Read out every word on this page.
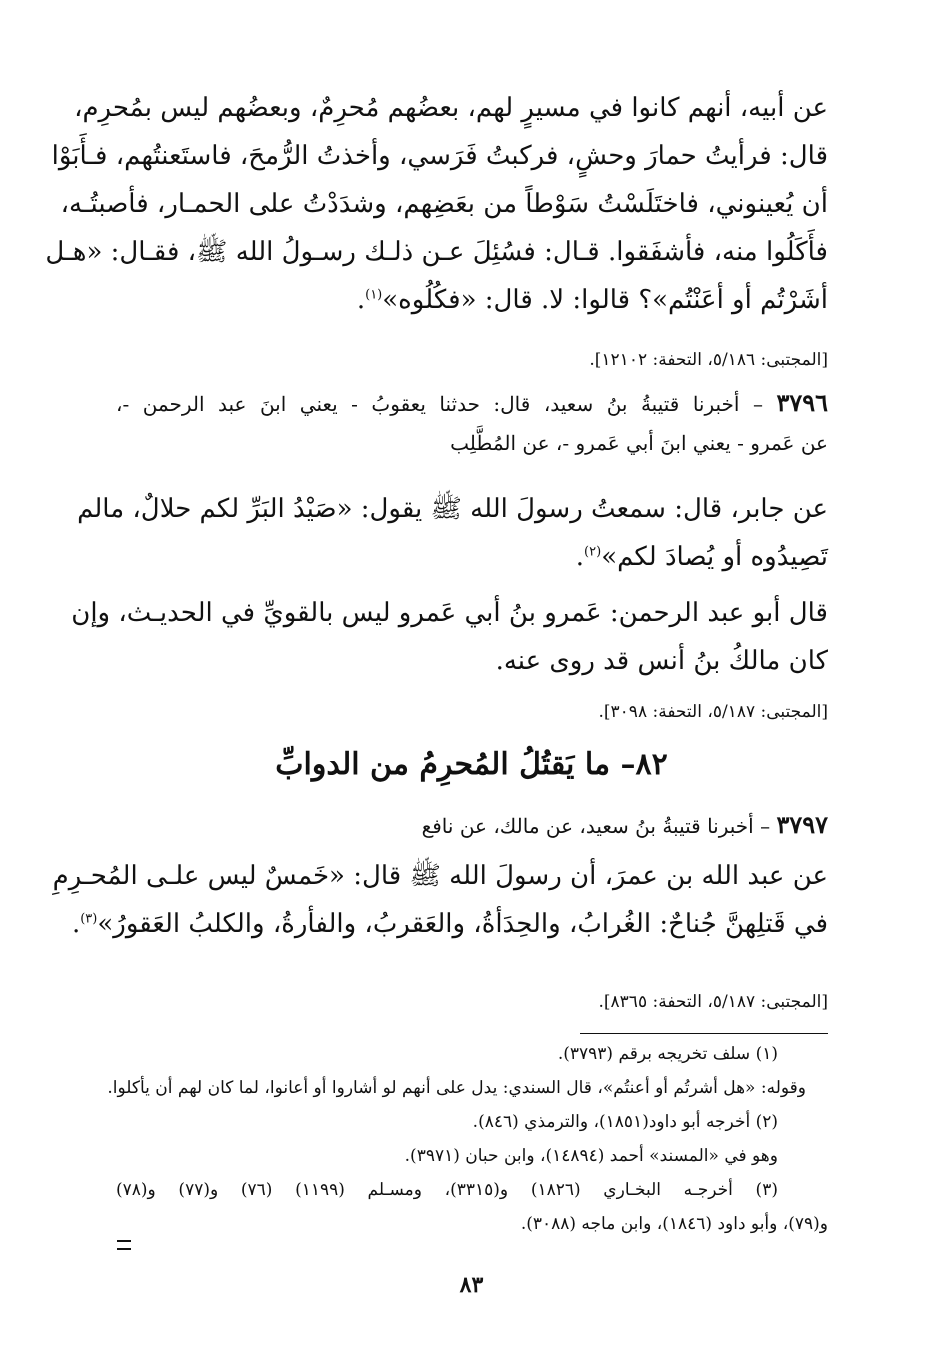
عن أبيه، أنهم كانوا في مسيرٍ لهم، بعضُهم مُحرِمٌ، وبعضُهم ليس بمُحرِم،
قال: فرأيتُ حمارَ وحشٍ، فركبتُ فَرَسي، وأخذتُ الرُّمحَ، فاستَعنتُهم، فـأَبَوْا
أن يُعينوني، فاختَلَسْتُ سَوْطاً من بعَضِهم، وشدَدْتُ على الحمـار، فأصبتُـه،
فأَكَلُوا منه، فأشفَقوا. قـال: فسُئِلَ عـن ذلـك رسـولُ الله ﷺ، فقـال: «هـل
أشَرْتُم أو أعَنْتُم»؟ قالوا: لا. قال: «فكُلُوه»$^{(١)}$.
[المجتبى: ٥/١٨٦، التحفة: ١٢١٠٢].
٣٧٩٦ – أخبرنا قتيبةُ بنُ سعيد، قال: حدثنا يعقوبُ - يعني ابنَ عبد الرحمن -،
عن عَمرو - يعني ابنَ أبي عَمرو -، عن المُطَّلِب
عن جابر، قال: سمعتُ رسولَ الله ﷺ يقول: «صَيْدُ البَرِّ لكم حلالٌ، مالم
تَصِيدُوه أو يُصادَ لكم»$^{(٢)}$.
قال أبو عبد الرحمن: عَمرو بنُ أبي عَمرو ليس بالقويِّ في الحديـث، وإن
كان مالكُ بنُ أنس قد روى عنه.
[المجتبى: ٥/١٨٧، التحفة: ٣٠٩٨].
٨٢– ما يَقتُلُ المُحرِمُ من الدوابِّ
٣٧٩٧ – أخبرنا قتيبةُ بنُ سعيد، عن مالك، عن نافع
عن عبد الله بن عمرَ، أن رسولَ الله ﷺ قال: «خَمسٌ ليس علـى المُحـرِمِ
في قَتلِهنَّ جُناحٌ: الغُرابُ، والحِدَأةُ، والعَقربُ، والفأرةُ، والكلبُ العَقورُ»$^{(٣)}$.
[المجتبى: ٥/١٨٧، التحفة: ٨٣٦٥].
(١) سلف تخريجه برقم (٣٧٩٣).
وقوله: «هل أشرتُم أو أعنتُم»، قال السندي: يدل على أنهم لو أشاروا أو أعانوا، لما كان لهم أن يأكلوا.
(٢) أخرجه أبو داود(١٨٥١)، والترمذي (٨٤٦).
وهو في «المسند» أحمد (١٤٨٩٤)، وابن حبان (٣٩٧١).
(٣) أخرجـه البخـاري (١٨٢٦) و(٣٣١٥)، ومسـلم (١١٩٩) (٧٦) و(٧٧) و(٧٨)
و(٧٩)، وأبو داود (١٨٤٦)، وابن ماجه (٣٠٨٨).
٨٣
